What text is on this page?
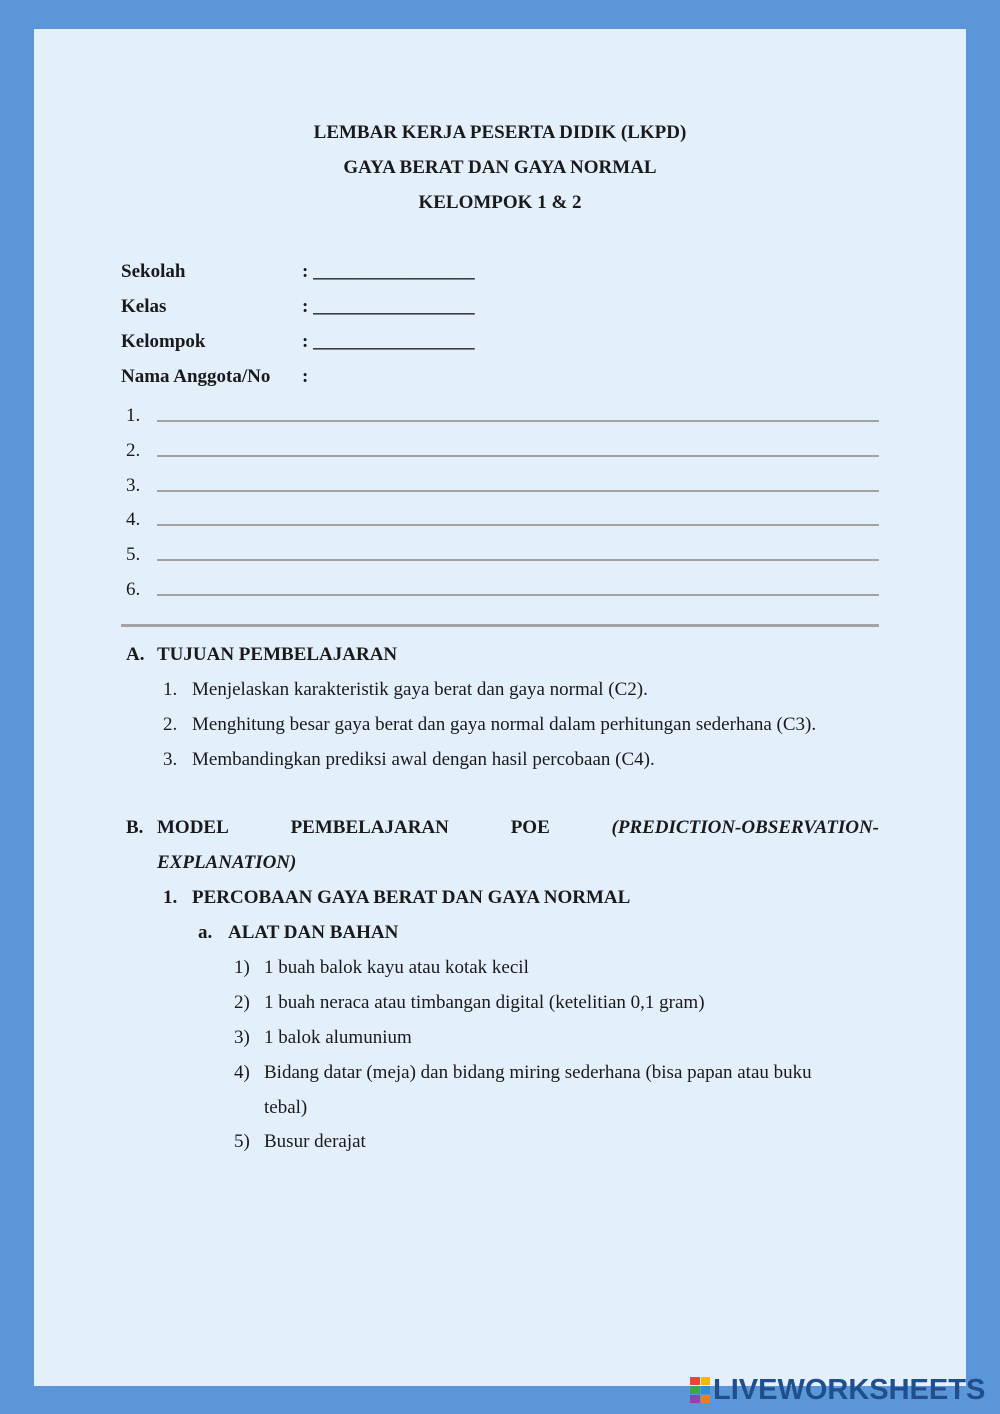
LEMBAR KERJA PESERTA DIDIK (LKPD)
GAYA BERAT DAN GAYA NORMAL
KELOMPOK 1 & 2
Sekolah	: _________________
Kelas	: _________________
Kelompok	: _________________
Nama Anggota/No :
1.
2.
3.
4.
5.
6.
A. TUJUAN PEMBELAJARAN
1. Menjelaskan karakteristik gaya berat dan gaya normal (C2).
2. Menghitung besar gaya berat dan gaya normal dalam perhitungan sederhana (C3).
3. Membandingkan prediksi awal dengan hasil percobaan (C4).
B. MODEL	PEMBELAJARAN	POE	(PREDICTION-OBSERVATION-
EXPLANATION)
1. PERCOBAAN GAYA BERAT DAN GAYA NORMAL
a. ALAT DAN BAHAN
1) 1 buah balok kayu atau kotak kecil
2) 1 buah neraca atau timbangan digital (ketelitian 0,1 gram)
3) 1 balok alumunium
4) Bidang datar (meja) dan bidang miring sederhana (bisa papan atau buku
tebal)
5) Busur derajat
LIVEWORKSHEETS
